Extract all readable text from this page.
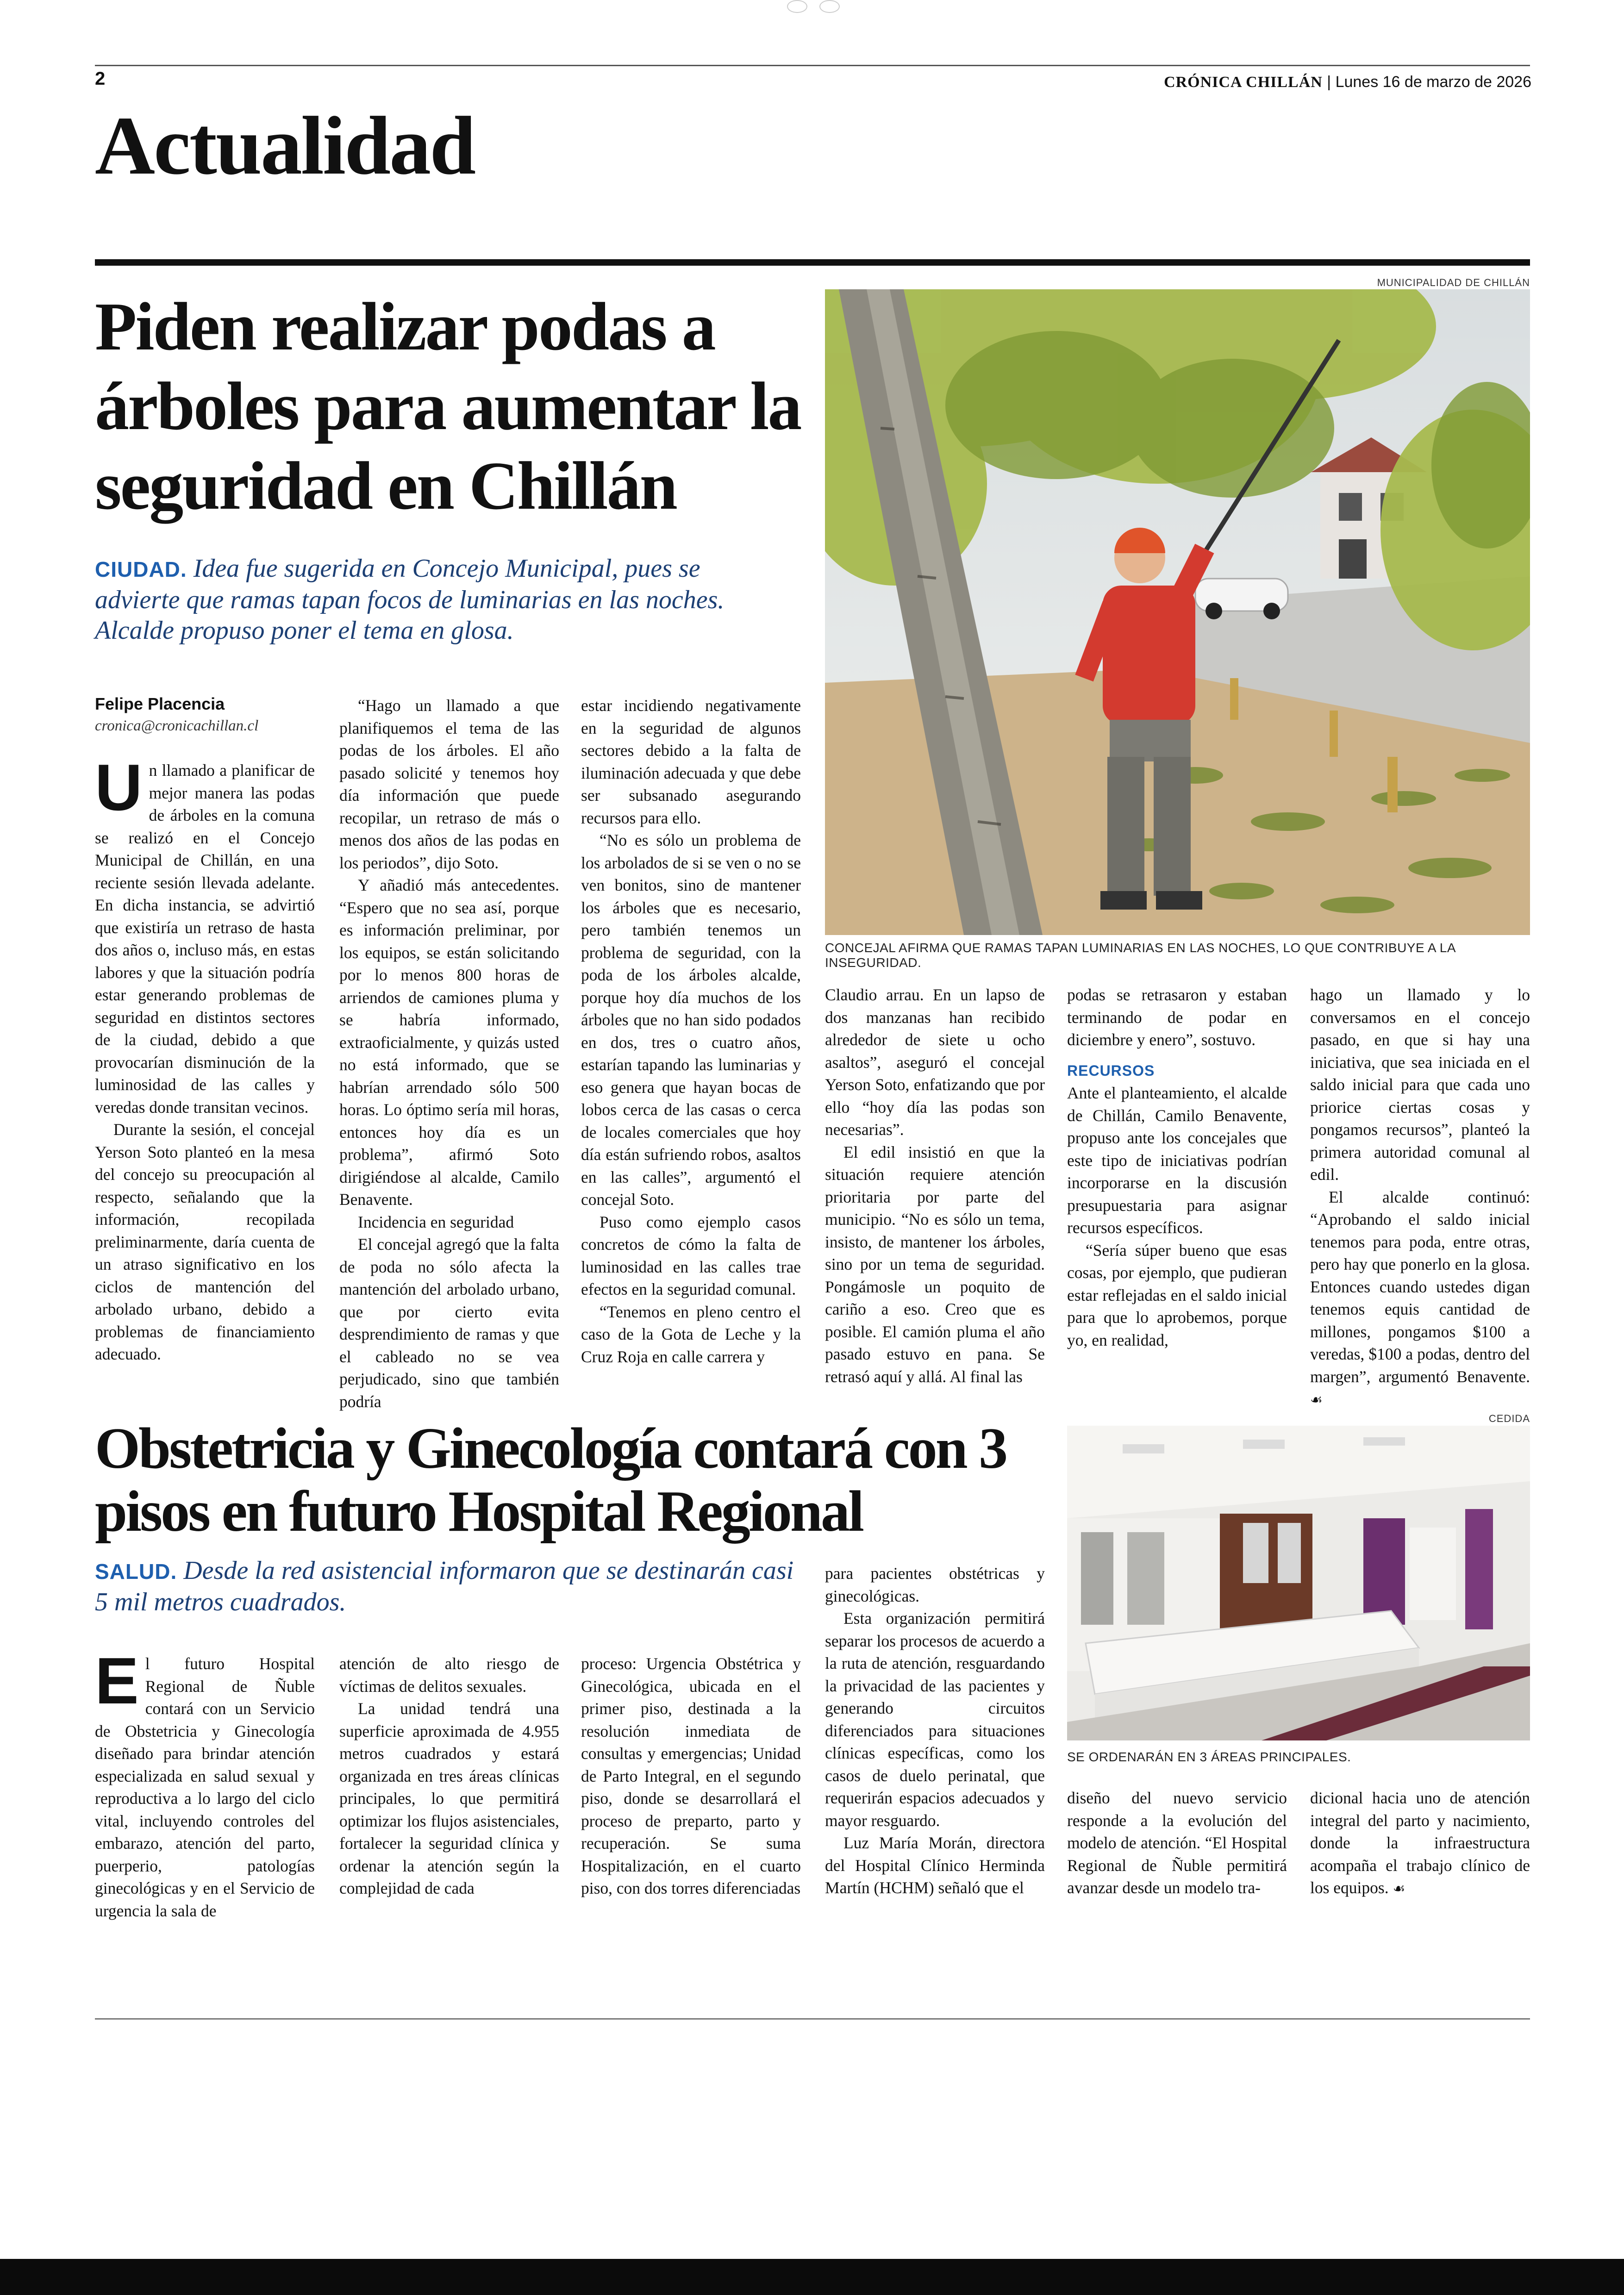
2	CRÓNICA CHILLÁN | Lunes 16 de marzo de 2026
Actualidad
Piden realizar podas a árboles para aumentar la seguridad en Chillán
CIUDAD. Idea fue sugerida en Concejo Municipal, pues se advierte que ramas tapan focos de luminarias en las noches. Alcalde propuso poner el tema en glosa.
Felipe Placencia
cronica@cronicachillan.cl
MUNICIPALIDAD DE CHILLÁN
CONCEJAL AFIRMA QUE RAMAS TAPAN LUMINARIAS EN LAS NOCHES, LO QUE CONTRIBUYE A LA INSEGURIDAD.

Un llamado a planificar de mejor manera las podas de árboles en la comuna se realizó en el Concejo Municipal de Chillán, en una reciente sesión llevada adelante. En dicha instancia, se advirtió que existiría un retraso de hasta dos años o, incluso más, en estas labores y que la situación podría estar generando problemas de seguridad en distintos sectores de la ciudad, debido a que provocarían disminución de la luminosidad de las calles y veredas donde transitan vecinos.

Durante la sesión, el concejal Yerson Soto planteó en la mesa del concejo su preocupación al respecto, señalando que la información, recopilada preliminarmente, daría cuenta de un atraso significativo en los ciclos de mantención del arbolado urbano, debido a problemas de financiamiento adecuado.

“Hago un llamado a que planifiquemos el tema de las podas de los árboles. El año pasado solicité y tenemos hoy día información que puede recopilar, un retraso de más o menos dos años de las podas en los periodos”, dijo Soto.

Y añadió más antecedentes. “Espero que no sea así, porque es información preliminar, por los equipos, se están solicitando por lo menos 800 horas de arriendos de camiones pluma y se habría informado, extraoficialmente, y quizás usted no está informado, que se habrían arrendado sólo 500 horas. Lo óptimo sería mil horas, entonces hoy día es un problema”, afirmó Soto dirigiéndose al alcalde, Camilo Benavente.

Incidencia en seguridad

El concejal agregó que la falta de poda no sólo afecta la mantención del arbolado urbano, que por cierto evita desprendimiento de ramas y que el cableado no se vea perjudicado, sino que también podría

estar incidiendo negativamente en la seguridad de algunos sectores debido a la falta de iluminación adecuada y que debe ser subsanado asegurando recursos para ello.

“No es sólo un problema de los arbolados de si se ven o no se ven bonitos, sino de mantener los árboles que es necesario, pero también tenemos un problema de seguridad, con la poda de los árboles alcalde, porque hoy día muchos de los árboles que no han sido podados en dos, tres o cuatro años, estarían tapando las luminarias y eso genera que hayan bocas de lobos cerca de las casas o cerca de locales comerciales que hoy día están sufriendo robos, asaltos en las calles”, argumentó el concejal Soto.

Puso como ejemplo casos concretos de cómo la falta de luminosidad en las calles trae efectos en la seguridad comunal.

“Tenemos en pleno centro el caso de la Gota de Leche y la Cruz Roja en calle carrera y

Claudio arrau. En un lapso de dos manzanas han recibido alrededor de siete u ocho asaltos”, aseguró el concejal Yerson Soto, enfatizando que por ello “hoy día las podas son necesarias”.

El edil insistió en que la situación requiere atención prioritaria por parte del municipio. “No es sólo un tema, insisto, de mantener los árboles, sino por un tema de seguridad. Pongámosle un poquito de cariño a eso. Creo que es posible. El camión pluma el año pasado estuvo en pana. Se retrasó aquí y allá. Al final las

podas se retrasaron y estaban terminando de podar en diciembre y enero”, sostuvo.

RECURSOS

Ante el planteamiento, el alcalde de Chillán, Camilo Benavente, propuso ante los concejales que este tipo de iniciativas podrían incorporarse en la discusión presupuestaria para asignar recursos específicos.

“Sería súper bueno que esas cosas, por ejemplo, que pudieran estar reflejadas en el saldo inicial para que lo aprobemos, porque yo, en realidad,

hago un llamado y lo conversamos en el concejo pasado, en que si hay una iniciativa, que sea iniciada en el saldo inicial para que cada uno priorice ciertas cosas y pongamos recursos”, planteó la primera autoridad comunal al edil.

El alcalde continuó: “Aprobando el saldo inicial tenemos para poda, entre otras, pero hay que ponerlo en la glosa. Entonces cuando ustedes digan tenemos equis cantidad de millones, pongamos $100 a veredas, $100 a podas, dentro del margen”, argumentó Benavente. ☙

CEDIDA
Obstetricia y Ginecología contará con 3 pisos en futuro Hospital Regional
SALUD. Desde la red asistencial informaron que se destinarán casi 5 mil metros cuadrados.
SE ORDENARÁN EN 3 ÁREAS PRINCIPALES.

El futuro Hospital Regional de Ñuble contará con un Servicio de Obstetricia y Ginecología diseñado para brindar atención especializada en salud sexual y reproductiva a lo largo del ciclo vital, incluyendo controles del embarazo, atención del parto, puerperio, patologías ginecológicas y en el Servicio de urgencia la sala de

atención de alto riesgo de víctimas de delitos sexuales.

La unidad tendrá una superficie aproximada de 4.955 metros cuadrados y estará organizada en tres áreas clínicas principales, lo que permitirá optimizar los flujos asistenciales, fortalecer la seguridad clínica y ordenar la atención según la complejidad de cada

proceso: Urgencia Obstétrica y Ginecológica, ubicada en el primer piso, destinada a la resolución inmediata de consultas y emergencias; Unidad de Parto Integral, en el segundo piso, donde se desarrollará el proceso de preparto, parto y recuperación. Se suma Hospitalización, en el cuarto piso, con dos torres diferenciadas

para pacientes obstétricas y ginecológicas.

Esta organización permitirá separar los procesos de acuerdo a la ruta de atención, resguardando la privacidad de las pacientes y generando circuitos diferenciados para situaciones clínicas específicas, como los casos de duelo perinatal, que requerirán espacios adecuados y mayor resguardo.

Luz María Morán, directora del Hospital Clínico Herminda Martín (HCHM) señaló que el

diseño del nuevo servicio responde a la evolución del modelo de atención. “El Hospital Regional de Ñuble permitirá avanzar desde un modelo tra-

dicional hacia uno de atención integral del parto y nacimiento, donde la infraestructura acompaña el trabajo clínico de los equipos. ☙
